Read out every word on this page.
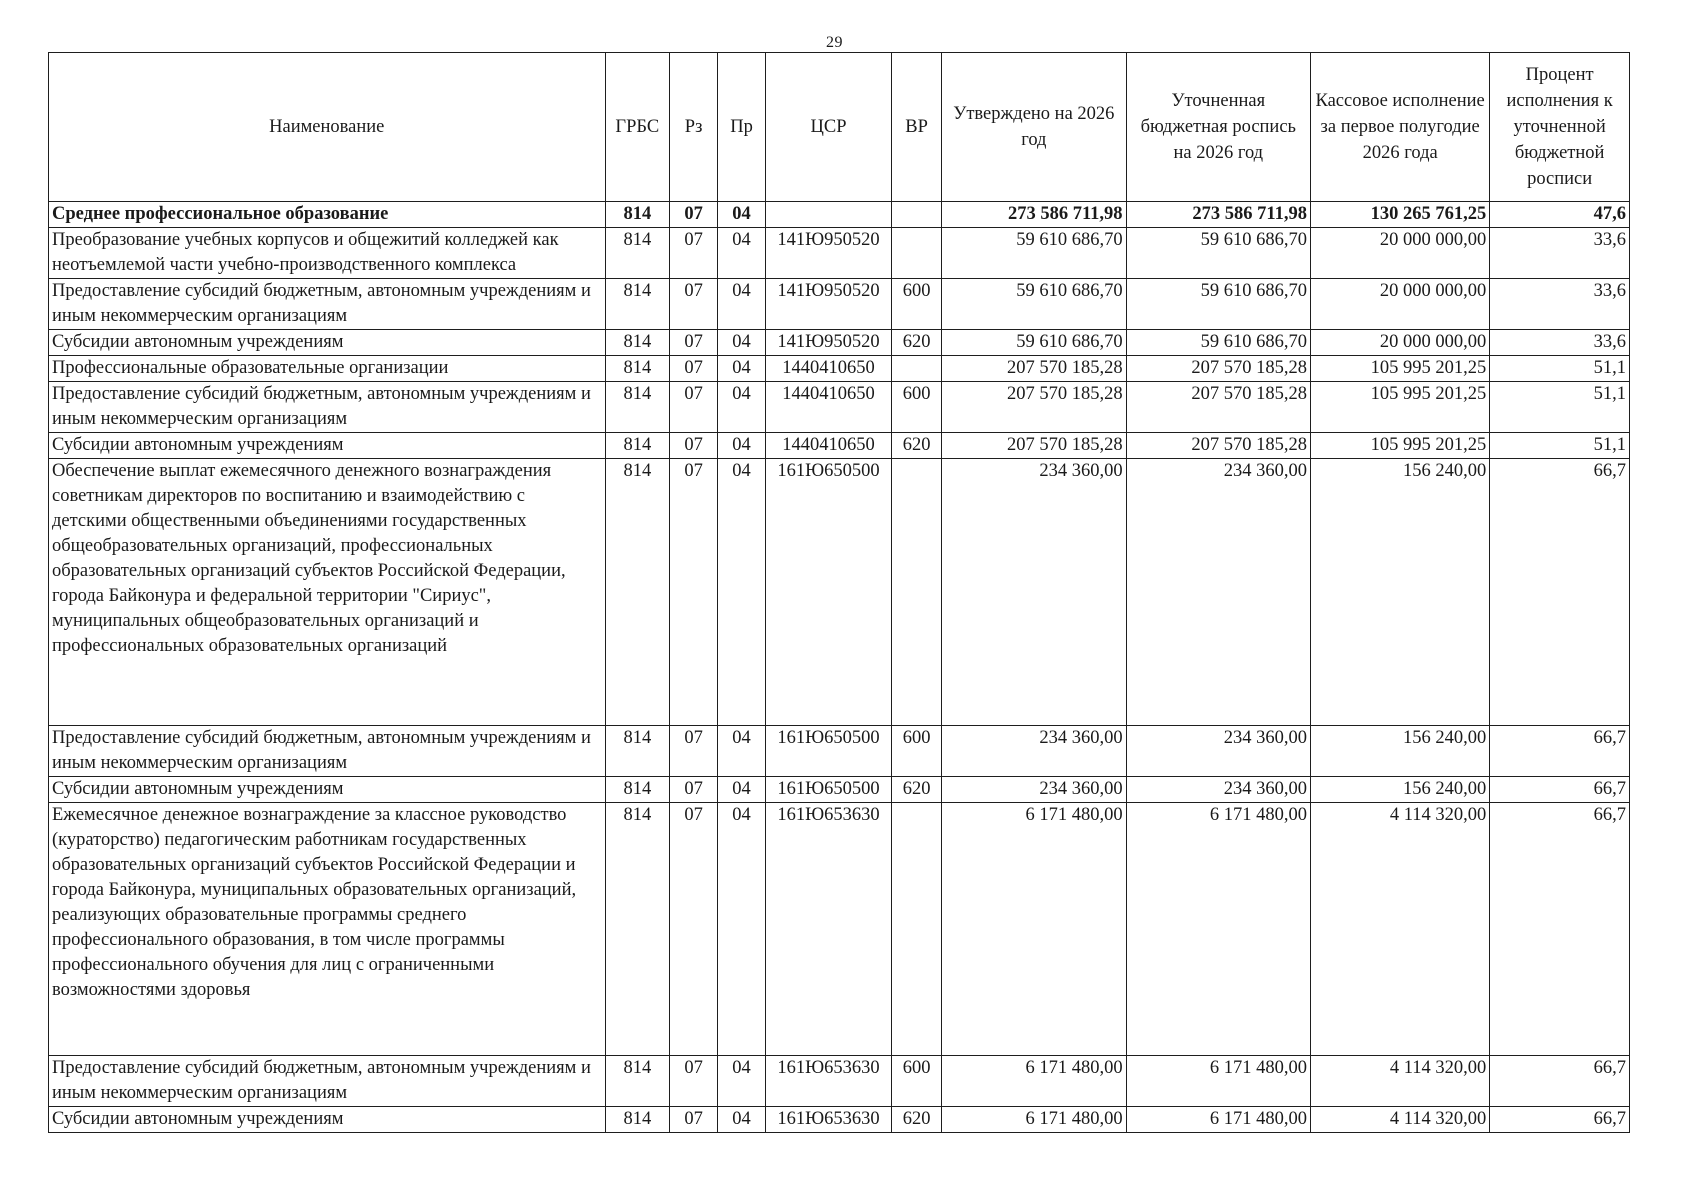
29
Наименование	ГРБС	Рз	Пр	ЦСР	ВР	Утверждено на 2026 год	Уточненная бюджетная роспись на 2026 год	Кассовое исполнение за первое полугодие 2026 года	Процент исполнения к уточненной бюджетной росписи
Среднее профессиональное образование	814	07	04			273 586 711,98	273 586 711,98	130 265 761,25	47,6
Преобразование учебных корпусов и общежитий колледжей как неотъемлемой части учебно-производственного комплекса	814	07	04	141Ю950520		59 610 686,70	59 610 686,70	20 000 000,00	33,6
Предоставление субсидий бюджетным, автономным учреждениям и иным некоммерческим организациям	814	07	04	141Ю950520	600	59 610 686,70	59 610 686,70	20 000 000,00	33,6
Субсидии автономным учреждениям	814	07	04	141Ю950520	620	59 610 686,70	59 610 686,70	20 000 000,00	33,6
Профессиональные образовательные организации	814	07	04	1440410650		207 570 185,28	207 570 185,28	105 995 201,25	51,1
Предоставление субсидий бюджетным, автономным учреждениям и иным некоммерческим организациям	814	07	04	1440410650	600	207 570 185,28	207 570 185,28	105 995 201,25	51,1
Субсидии автономным учреждениям	814	07	04	1440410650	620	207 570 185,28	207 570 185,28	105 995 201,25	51,1
Обеспечение выплат ежемесячного денежного вознаграждения советникам директоров по воспитанию и взаимодействию с детскими общественными объединениями государственных общеобразовательных организаций, профессиональных образовательных организаций субъектов Российской Федерации, города Байконура и федеральной территории "Сириус", муниципальных общеобразовательных организаций и профессиональных образовательных организаций	814	07	04	161Ю650500		234 360,00	234 360,00	156 240,00	66,7
Предоставление субсидий бюджетным, автономным учреждениям и иным некоммерческим организациям	814	07	04	161Ю650500	600	234 360,00	234 360,00	156 240,00	66,7
Субсидии автономным учреждениям	814	07	04	161Ю650500	620	234 360,00	234 360,00	156 240,00	66,7
Ежемесячное денежное вознаграждение за классное руководство (кураторство) педагогическим работникам государственных образовательных организаций субъектов Российской Федерации и города Байконура, муниципальных образовательных организаций, реализующих образовательные программы среднего профессионального образования, в том числе программы профессионального обучения для лиц с ограниченными возможностями здоровья	814	07	04	161Ю653630		6 171 480,00	6 171 480,00	4 114 320,00	66,7
Предоставление субсидий бюджетным, автономным учреждениям и иным некоммерческим организациям	814	07	04	161Ю653630	600	6 171 480,00	6 171 480,00	4 114 320,00	66,7
Субсидии автономным учреждениям	814	07	04	161Ю653630	620	6 171 480,00	6 171 480,00	4 114 320,00	66,7
